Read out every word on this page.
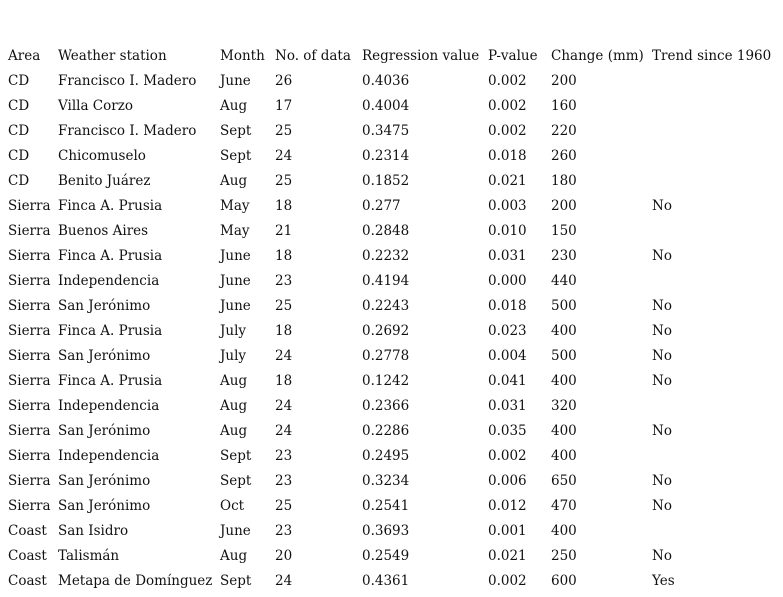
Area	Weather station	Month	No. of data	Regression value	P-value	Change (mm)	Trend since 1960
CD	Francisco I. Madero	June	26	0.4036	0.002	200	
CD	Villa Corzo	Aug	17	0.4004	0.002	160	
CD	Francisco I. Madero	Sept	25	0.3475	0.002	220	
CD	Chicomuselo	Sept	24	0.2314	0.018	260	
CD	Benito Juárez	Aug	25	0.1852	0.021	180	
Sierra	Finca A. Prusia	May	18	0.277	0.003	200	No
Sierra	Buenos Aires	May	21	0.2848	0.010	150	
Sierra	Finca A. Prusia	June	18	0.2232	0.031	230	No
Sierra	Independencia	June	23	0.4194	0.000	440	
Sierra	San Jerónimo	June	25	0.2243	0.018	500	No
Sierra	Finca A. Prusia	July	18	0.2692	0.023	400	No
Sierra	San Jerónimo	July	24	0.2778	0.004	500	No
Sierra	Finca A. Prusia	Aug	18	0.1242	0.041	400	No
Sierra	Independencia	Aug	24	0.2366	0.031	320	
Sierra	San Jerónimo	Aug	24	0.2286	0.035	400	No
Sierra	Independencia	Sept	23	0.2495	0.002	400	
Sierra	San Jerónimo	Sept	23	0.3234	0.006	650	No
Sierra	San Jerónimo	Oct	25	0.2541	0.012	470	No
Coast	San Isidro	June	23	0.3693	0.001	400	
Coast	Talismán	Aug	20	0.2549	0.021	250	No
Coast	Metapa de Domínguez	Sept	24	0.4361	0.002	600	Yes
